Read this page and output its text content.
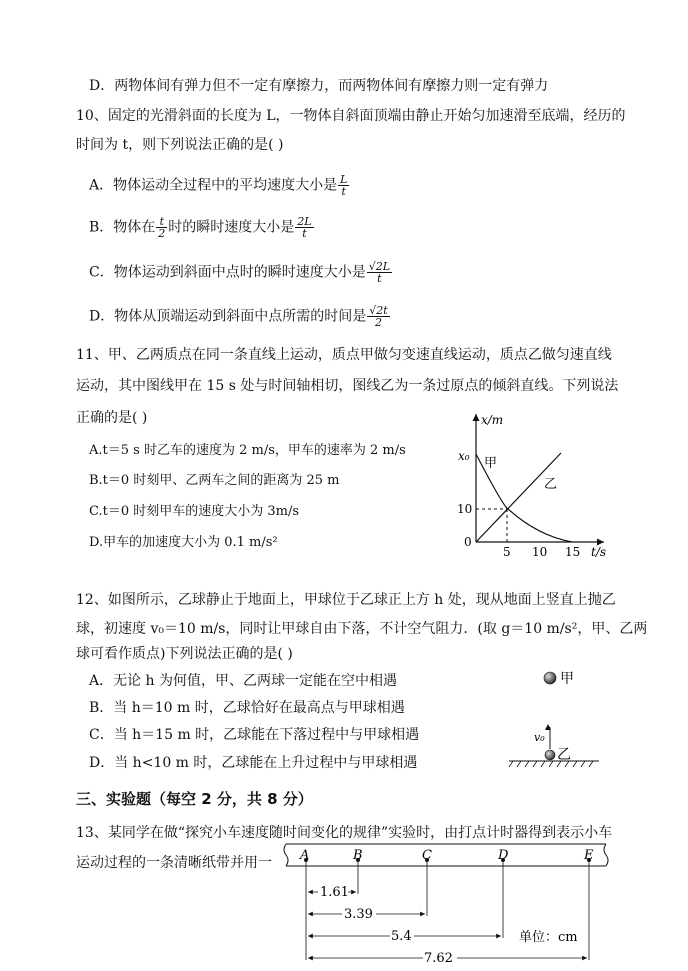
D．两物体间有弹力但不一定有摩擦力，而两物体间有摩擦力则一定有弹力
10、固定的光滑斜面的长度为 L，一物体自斜面顶端由静止开始匀加速滑至底端，经历的
时间为 t，则下列说法正确的是( )
A．物体运动全过程中的平均速度大小是 $\frac{L}{t}$
B．物体在 $\frac{t}{2}$ 时的瞬时速度大小是 $\frac{2L}{t}$
C．物体运动到斜面中点时的瞬时速度大小是 $\frac{√2L}{t}$
D．物体从顶端运动到斜面中点所需的时间是 $\frac{√2t}{2}$
11、甲、乙两质点在同一条直线上运动，质点甲做匀变速直线运动，质点乙做匀速直线
运动，其中图线甲在 15 s 处与时间轴相切，图线乙为一条过原点的倾斜直线。下列说法
正确的是( )
A.t＝5 s 时乙车的速度为 2 m/s，甲车的速率为 2 m/s
B.t＝0 时刻甲、乙两车之间的距离为 25 m
C.t＝0 时刻甲车的速度大小为 3m/s
D.甲车的加速度大小为 0.1 m/s²
x/m
t/s
x₀
0
10
5 10 15
甲
乙
12、如图所示，乙球静止于地面上，甲球位于乙球正上方 h 处，现从地面上竖直上抛乙
球，初速度 v₀＝10 m/s，同时让甲球自由下落，不计空气阻力．(取 g＝10 m/s²，甲、乙两
球可看作质点)下列说法正确的是( )
A．无论 h 为何值，甲、乙两球一定能在空中相遇
B．当 h＝10 m 时，乙球恰好在最高点与甲球相遇
C．当 h＝15 m 时，乙球能在下落过程中与甲球相遇
D．当 h<10 m 时，乙球能在上升过程中与甲球相遇
甲
v₀
乙
三、实验题（每空 2 分，共 8 分）
13、某同学在做“探究小车速度随时间变化的规律”实验时，由打点计时器得到表示小车
运动过程的一条清晰纸带并用一 A	B	C	D	E
1.61
3.39
5.4
7.62
单位：cm
